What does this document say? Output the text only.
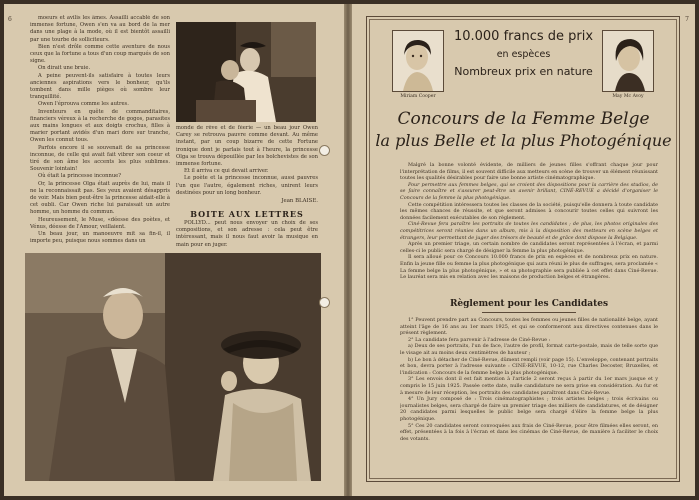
6	moeurs et avilis les âmes. Assailli accablé de son immense fortune, Owen s'en va au bord de la mer dans une plage à la mode, où il est bientôt assailli par une tourbe de solliciteurs.

Bien n'est drôle comme cette aventure de nous ceux que la fortune a tous d'un coup marqués de son signe.

On dirait une bruie.

A peine peuvent-ils satisfaire à toutes leurs anciennes aspirations vers le bonheur, qu'ils tombent dans mille pièges où sombre leur tranquillité.

Owen l'éprouva comme les autres.

Inventeurs en quête de commanditaires, financiers véreux à la recherche de gogos, parasites aux mains longues et aux doigts crochus, filles à marier portant avidés d'un mari dore sur tranche, Owen les connut tous.

Parfois encore il se souvenait de sa princesse inconnue, de celle qui avait fait vibrer son coeur et tiré de son âme les accents les plus sublimes. Souvenir lointain!

Où était la princesse inconnue?

Or, la princesse Olga était auprès de lui, mais il ne la reconnaissait pas. Ses yeux avaient désappris de voir. Mais bien peut-être la princesse aidait-elle à cet oubli. Car Owen riche lui paraissait un autre homme, un homme du commun.

Heureusement, le Muse, «déesse des poètes, et Vénus, déesse de l'Amour, veillaient.

Un beau jour, un manoeuvre mit sa fin-il, il importe peu, puisque nous sommes dans un

monde de rêve et de féerie — un beau jour Owen Carey se retrouva pauvre comme devant. Au même instant, par un coup bizarre de cette Fortune ironique dont je parlais tout à l'heure, la princesse Olga se trouva dépouillée par les bolchevistes de son immense fortune.

Et il arriva ce qui devait arriver.

Le poète et la princesse inconnue, aussi pauvres l'un que l'autre, également riches, unirent leurs destinées pour un long bonheur.

Jean BLAISE.
BOITE AUX LETTRES

POLLYD... peut nous envoyer un choix de ses compositions, et son adresse : cela peut être intéressant, mais il nous faut avoir la musique en main pour en juger.

7
Miriam Cooper	May Mc Avoy
10.000 francs de prix
en espèces
Nombreux prix en nature
Concours de la Femme Belge
la plus Belle et la plus Photogénique

Malgré la bonne volonté évidente, de milliers de jeunes filles s'offrant chaque jour pour l'interprétation de films, il est souvent difficile aux metteurs en scène de trouver un élément réunissant toutes les qualités désirables pour faire une bonne artiste cinématographique.

Pour permettre aux femmes belges, qui se croient des dispositions pour la carrière des studios, de se faire connaître et s'assurer peut-être un avenir brillant, CINÉ-REVUE a décidé d'organiser le Concours de la femme la plus photogénique.

Cette compétition intéressera toutes les classes de la société, puisqu'elle donnera à toute candidate les mêmes chances de réussite, et que seront admises à concourir toutes celles qui suivront les données facilement exécutables de son règlement.

Ciné-Revue fera paraître les portraits de toutes les candidates ; de plus, les photos originales des compétitrices seront réunies dans un album, mis à la disposition des metteurs en scène belges et étrangers, leur permettant de juger des trésors de beauté et de grâce dont dispose la Belgique.

Après un premier triage, un certain nombre de candidates seront représentées à l'écran, et parmi celles-ci le public sera chargé de désigner la femme la plus photogénique.

Il sera alloué pour ce Concours 10.000 francs de prix en espèces et de nombreux prix en nature. Enfin la jeune fille ou femme la plus photogénique qui aura réuni le plus de suffrages, sera proclamée « La femme belge la plus photogénique, » et sa photographie sera publiée à cet effet dans Ciné-Revue. Le lauréat sera mis en relation avec les maisons de production belges et étrangères.

Règlement pour les Candidates

1° Peuvent prendre part au Concours, toutes les femmes ou jeunes filles de nationalité belge, ayant atteint l'âge de 16 ans au 1er mars 1925, et qui se conformeront aux directives contenues dans le présent règlement.

2° La candidate fera parvenir à l'adresse de Ciné-Revue :

a) Deux de ses portraits, l'un de face, l'autre de profil, format carte-postale, mais de telle sorte que le visage ait au moins deux centimètres de hauteur ;

b) Le bon à détacher de Ciné-Revue, dûment rempli (voir page 15). L'enveloppe, contenant portraits et bon, devra porter à l'adresse suivante : CINÉ-REVUE, 10-12, rue Charles Decoster, Bruxelles, et l'indication : Concours de la femme belge la plus photogénique.

3° Les envois dont il est fait mention à l'article 2 seront reçus à partir du 1er mars jusque et y compris le 15 juin 1925. Passée cette date, nulle candidature ne sera prise en considération. Au fur et à mesure de leur réception, les portraits des candidates paraîtront dans Ciné-Revue.

4° Un Jury composé de : Trois cinématographistes ; trois artistes belges ; trois écrivains ou journalistes belges, sera chargé de faire un premier triage des milliers de candidatures, et de désigner 20 candidates parmi lesquelles le public belge sera chargé d'élire la femme belge la plus photogénique.

5° Ces 20 candidates seront convoquées aux frais de Ciné-Revue, pour être filmées elles seront, en effet, présentées à la fois à l'écran et dans les cinémas de Ciné-Revue, de manière à faciliter le choix des votants.
